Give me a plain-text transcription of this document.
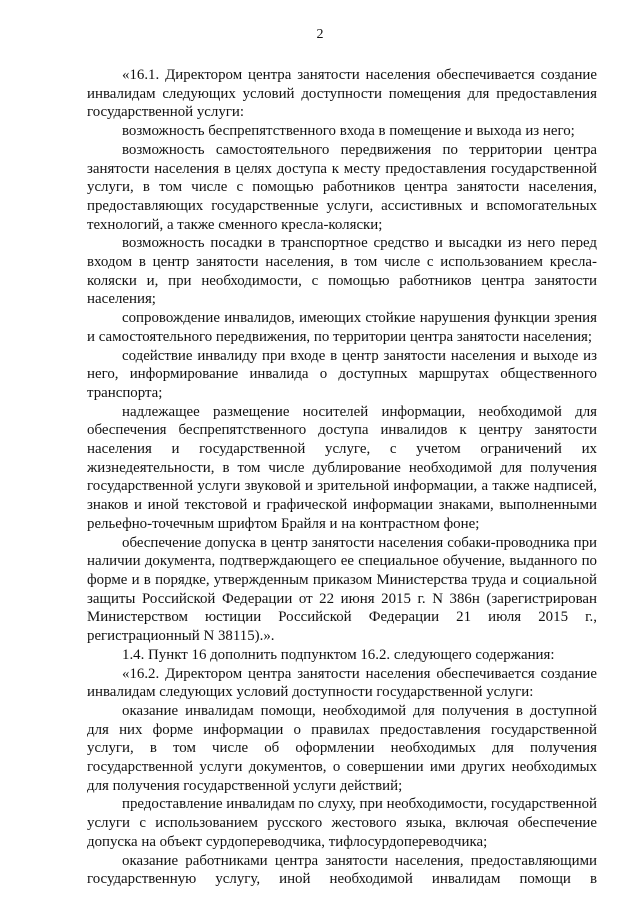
2

«16.1. Директором центра занятости населения обеспечивается создание инвалидам следующих условий доступности помещения для предоставления государственной услуги:

возможность беспрепятственного входа в помещение и выхода из него;

возможность самостоятельного передвижения по территории центра занятости населения в целях доступа к месту предоставления государственной услуги, в том числе с помощью работников центра занятости населения, предоставляющих государственные услуги, ассистивных и вспомогательных технологий, а также сменного кресла-коляски;

возможность посадки в транспортное средство и высадки из него перед входом в центр занятости населения, в том числе с использованием кресла-коляски и, при необходимости, с помощью работников центра занятости населения;

сопровождение инвалидов, имеющих стойкие нарушения функции зрения и самостоятельного передвижения, по территории центра занятости населения;

содействие инвалиду при входе в центр занятости населения и выходе из него, информирование инвалида о доступных маршрутах общественного транспорта;

надлежащее размещение носителей информации, необходимой для обеспечения беспрепятственного доступа инвалидов к центру занятости населения и государственной услуге, с учетом ограничений их жизнедеятельности, в том числе дублирование необходимой для получения государственной услуги звуковой и зрительной информации, а также надписей, знаков и иной текстовой и графической информации знаками, выполненными рельефно-точечным шрифтом Брайля и на контрастном фоне;

обеспечение допуска в центр занятости населения собаки-проводника при наличии документа, подтверждающего ее специальное обучение, выданного по форме и в порядке, утвержденным приказом Министерства труда и социальной защиты Российской Федерации от 22 июня 2015 г. N 386н (зарегистрирован Министерством юстиции Российской Федерации 21 июля 2015 г., регистрационный N 38115).».

1.4. Пункт 16 дополнить подпунктом 16.2. следующего содержания:

«16.2. Директором центра занятости населения обеспечивается создание инвалидам следующих условий доступности государственной услуги:

оказание инвалидам помощи, необходимой для получения в доступной для них форме информации о правилах предоставления государственной услуги, в том числе об оформлении необходимых для получения государственной услуги документов, о совершении ими других необходимых для получения государственной услуги действий;

предоставление инвалидам по слуху, при необходимости, государственной услуги с использованием русского жестового языка, включая обеспечение допуска на объект сурдопереводчика, тифлосурдопереводчика;

оказание работниками центра занятости населения, предоставляющими государственную услугу, иной необходимой инвалидам помощи в
